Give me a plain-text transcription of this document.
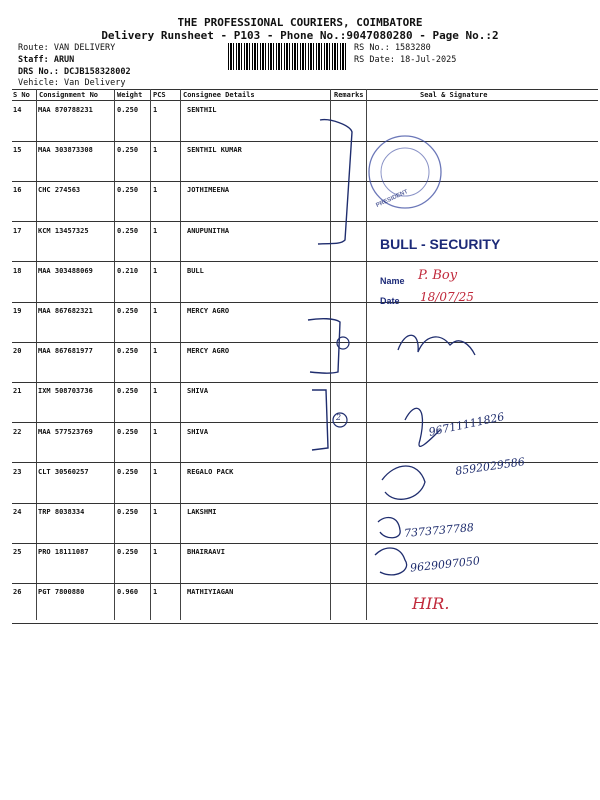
THE PROFESSIONAL COURIERS, COIMBATORE
Delivery Runsheet - P103 - Phone No.:9047080280 - Page No.:2
Route: VAN DELIVERY
Staff: ARUN
DRS No.: DCJB158328002
Vehicle: Van Delivery
RS No.: 1583280
RS Date: 18-Jul-2025
S No Consignment No	Weight PCS Consignee Details	Remarks	Seal & Signature
14 MAA 870788231	0.250 1	SENTHIL
15 MAA 303873308	0.250 1	SENTHIL KUMAR
16 CHC 274563	0.250 1	JOTHIMEENA
17 KCM 13457325	0.250 1	ANUPUNITHA
18 MAA 303488069	0.210 1	BULL
19 MAA 867682321	0.250 1	MERCY AGRO
20 MAA 867681977	0.250 1	MERCY AGRO
21 IXM 508703736	0.250 1	SHIVA
22 MAA 577523769	0.250 1	SHIVA
23 CLT 30560257	0.250 1	REGALO PACK
24 TRP 8038334	0.250 1	LAKSHMI
25 PRO 18111087	0.250 1	BHAIRAAVI
26 PGT 7800880	0.960 1	MATHIYIAGAN
BULL - SECURITY
Name
Date
P. Boy
18/07/25
PRESIDENT
96711111826
8592029586
7373737788
9629097050
HIR.
2
